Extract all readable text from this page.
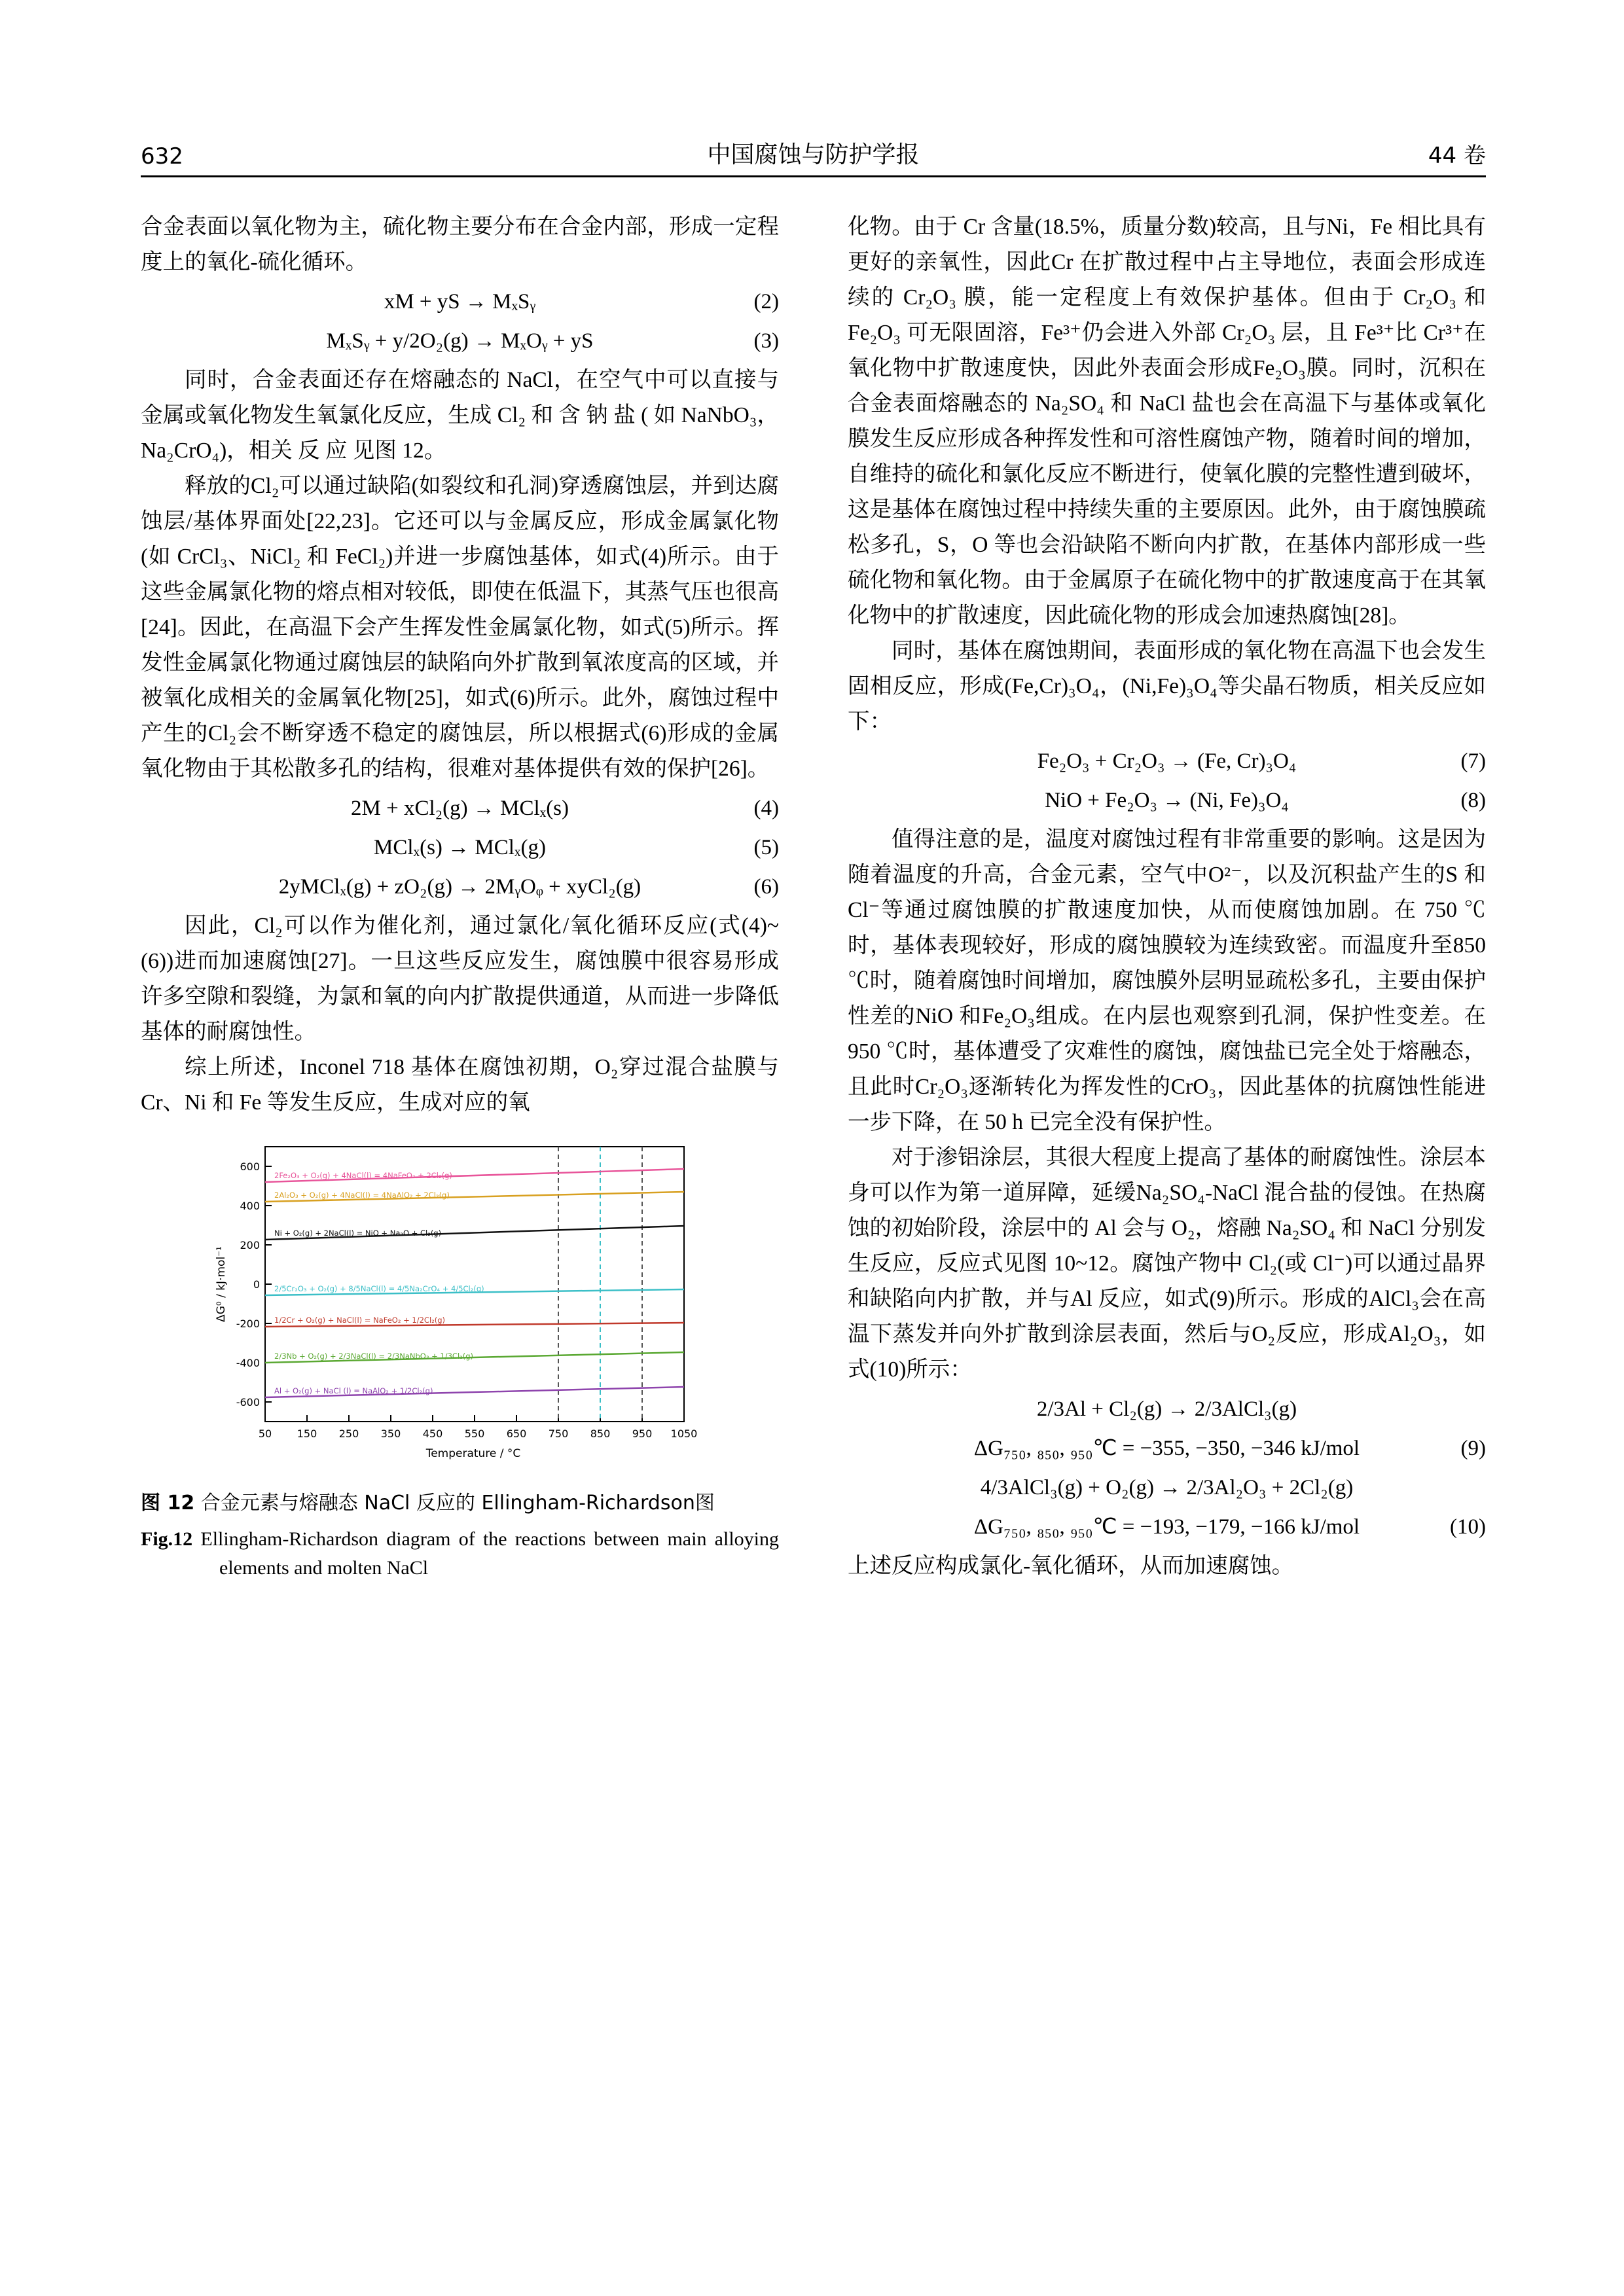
632	中国腐蚀与防护学报	44 卷

合金表面以氧化物为主，硫化物主要分布在合金内部，形成一定程度上的氧化-硫化循环。

xM + yS → MₓSᵧ	(2)
MₓSᵧ + y/2O₂(g) → MₓOᵧ + yS	(3)

同时，合金表面还存在熔融态的 NaCl，在空气中可以直接与金属或氧化物发生氧氯化反应，生成 Cl₂ 和 含 钠 盐 ( 如 NaNbO₃，Na₂CrO₄)，相关 反 应 见图 12。

释放的Cl₂可以通过缺陷(如裂纹和孔洞)穿透腐蚀层，并到达腐蚀层/基体界面处[22,23]。它还可以与金属反应，形成金属氯化物(如 CrCl₃、NiCl₂ 和 FeCl₂)并进一步腐蚀基体，如式(4)所示。由于这些金属氯化物的熔点相对较低，即使在低温下，其蒸气压也很高[24]。因此，在高温下会产生挥发性金属氯化物，如式(5)所示。挥发性金属氯化物通过腐蚀层的缺陷向外扩散到氧浓度高的区域，并被氧化成相关的金属氧化物[25]，如式(6)所示。此外，腐蚀过程中产生的Cl₂会不断穿透不稳定的腐蚀层，所以根据式(6)形成的金属氧化物由于其松散多孔的结构，很难对基体提供有效的保护[26]。

2M + xCl₂(g) → MClₓ(s)	(4)
MClₓ(s) → MClₓ(g)	(5)
2yMClₓ(g) + zO₂(g) → 2MᵧOᵩ + xyCl₂(g)	(6)

因此，Cl₂可以作为催化剂，通过氯化/氧化循环反应(式(4)~(6))进而加速腐蚀[27]。一旦这些反应发生，腐蚀膜中很容易形成许多空隙和裂缝，为氯和氧的向内扩散提供通道，从而进一步降低基体的耐腐蚀性。

综上所述，Inconel 718 基体在腐蚀初期，O₂穿过混合盐膜与 Cr、Ni 和 Fe 等发生反应，生成对应的氧

600
400
200
0
-200
-400
-600
50 150 250 350 450 550 650 750 850 950 1050
Temperature / °C
ΔG⁰ / kJ·mol⁻¹
2Fe₂O₃ + O₂(g) + 4NaCl(l) = 4NaFeO₂ + 2Cl₂(g)
2Al₂O₃ + O₂(g) + 4NaCl(l) = 4NaAlO₂ + 2Cl₂(g)
Ni + O₂(g) + 2NaCl(l) = NiO + Na₂O + Cl₂(g)
2/5Cr₂O₃ + O₂(g) + 8/5NaCl(l) = 4/5Na₂CrO₄ + 4/5Cl₂(g)
1/2Cr + O₂(g) + NaCl(l) = NaFeO₂ + 1/2Cl₂(g)
2/3Nb + O₂(g) + 2/3NaCl(l) = 2/3NaNbO₃ + 1/3Cl₂(g)
Al + O₂(g) + NaCl (l) = NaAlO₂ + 1/2Cl₂(g)
图 12 合金元素与熔融态 NaCl 反应的 Ellingham-Richardson图
Fig.12 Ellingham-Richardson diagram of the reactions between main alloying elements and molten NaCl

化物。由于 Cr 含量(18.5%，质量分数)较高，且与Ni，Fe 相比具有更好的亲氧性，因此Cr 在扩散过程中占主导地位，表面会形成连续的 Cr₂O₃ 膜，能一定程度上有效保护基体。但由于 Cr₂O₃ 和Fe₂O₃ 可无限固溶，Fe³⁺仍会进入外部 Cr₂O₃ 层，且 Fe³⁺比 Cr³⁺在氧化物中扩散速度快，因此外表面会形成Fe₂O₃膜。同时，沉积在合金表面熔融态的 Na₂SO₄ 和 NaCl 盐也会在高温下与基体或氧化膜发生反应形成各种挥发性和可溶性腐蚀产物，随着时间的增加，自维持的硫化和氯化反应不断进行，使氧化膜的完整性遭到破坏，这是基体在腐蚀过程中持续失重的主要原因。此外，由于腐蚀膜疏松多孔，S，O 等也会沿缺陷不断向内扩散，在基体内部形成一些硫化物和氧化物。由于金属原子在硫化物中的扩散速度高于在其氧化物中的扩散速度，因此硫化物的形成会加速热腐蚀[28]。

同时，基体在腐蚀期间，表面形成的氧化物在高温下也会发生固相反应，形成(Fe,Cr)₃O₄，(Ni,Fe)₃O₄等尖晶石物质，相关反应如下：

Fe₂O₃ + Cr₂O₃ → (Fe, Cr)₃O₄	(7)
NiO + Fe₂O₃ → (Ni, Fe)₃O₄	(8)

值得注意的是，温度对腐蚀过程有非常重要的影响。这是因为随着温度的升高，合金元素，空气中O²⁻，以及沉积盐产生的S 和 Cl⁻等通过腐蚀膜的扩散速度加快，从而使腐蚀加剧。在 750 ℃时，基体表现较好，形成的腐蚀膜较为连续致密。而温度升至850 ℃时，随着腐蚀时间增加，腐蚀膜外层明显疏松多孔，主要由保护性差的NiO 和Fe₂O₃组成。在内层也观察到孔洞，保护性变差。在 950 ℃时，基体遭受了灾难性的腐蚀，腐蚀盐已完全处于熔融态，且此时Cr₂O₃逐渐转化为挥发性的CrO₃，因此基体的抗腐蚀性能进一步下降，在 50 h 已完全没有保护性。

对于渗铝涂层，其很大程度上提高了基体的耐腐蚀性。涂层本身可以作为第一道屏障，延缓Na₂SO₄-NaCl 混合盐的侵蚀。在热腐蚀的初始阶段，涂层中的 Al 会与 O₂，熔融 Na₂SO₄ 和 NaCl 分别发生反应，反应式见图 10~12。腐蚀产物中 Cl₂(或 Cl⁻)可以通过晶界和缺陷向内扩散，并与Al 反应，如式(9)所示。形成的AlCl₃会在高温下蒸发并向外扩散到涂层表面，然后与O₂反应，形成Al₂O₃，如式(10)所示：

2/3Al + Cl₂(g) → 2/3AlCl₃(g)
ΔG₇₅₀, ₈₅₀, ₉₅₀℃ = −355, −350, −346 kJ/mol	(9)
4/3AlCl₃(g) + O₂(g) → 2/3Al₂O₃ + 2Cl₂(g)
ΔG₇₅₀, ₈₅₀, ₉₅₀℃ = −193, −179, −166 kJ/mol	(10)

上述反应构成氯化-氧化循环，从而加速腐蚀。
